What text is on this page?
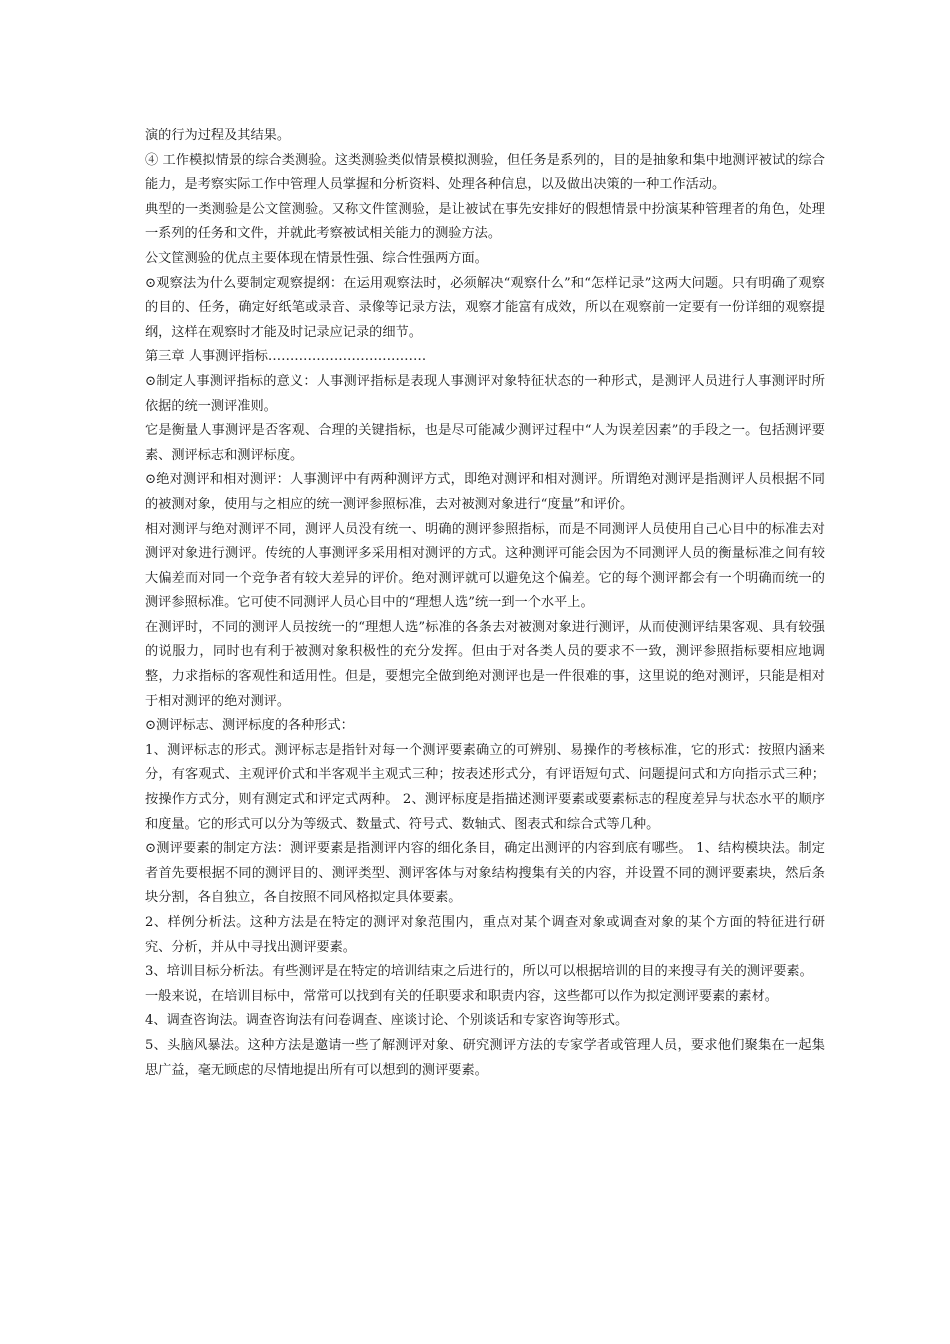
演的行为过程及其结果。

④ 工作模拟情景的综合类测验。这类测验类似情景模拟测验，但任务是系列的，目的是抽象和集中地测评被试的综合能力，是考察实际工作中管理人员掌握和分析资料、处理各种信息，以及做出决策的一种工作活动。

典型的一类测验是公文筐测验。又称文件筐测验，是让被试在事先安排好的假想情景中扮演某种管理者的角色，处理一系列的任务和文件，并就此考察被试相关能力的测验方法。

公文筐测验的优点主要体现在情景性强、综合性强两方面。

⊙观察法为什么要制定观察提纲：在运用观察法时，必须解决“观察什么”和“怎样记录”这两大问题。只有明确了观察的目的、任务，确定好纸笔或录音、录像等记录方法，观察才能富有成效，所以在观察前一定要有一份详细的观察提纲，这样在观察时才能及时记录应记录的细节。

第三章 人事测评指标………………………………

⊙制定人事测评指标的意义：人事测评指标是表现人事测评对象特征状态的一种形式，是测评人员进行人事测评时所依据的统一测评准则。

它是衡量人事测评是否客观、合理的关键指标，也是尽可能减少测评过程中“人为误差因素”的手段之一。包括测评要素、测评标志和测评标度。

⊙绝对测评和相对测评：人事测评中有两种测评方式，即绝对测评和相对测评。所谓绝对测评是指测评人员根据不同的被测对象，使用与之相应的统一测评参照标准，去对被测对象进行“度量”和评价。

相对测评与绝对测评不同，测评人员没有统一、明确的测评参照指标，而是不同测评人员使用自己心目中的标准去对测评对象进行测评。传统的人事测评多采用相对测评的方式。这种测评可能会因为不同测评人员的衡量标准之间有较大偏差而对同一个竞争者有较大差异的评价。绝对测评就可以避免这个偏差。它的每个测评都会有一个明确而统一的测评参照标准。它可使不同测评人员心目中的“理想人选”统一到一个水平上。

在测评时，不同的测评人员按统一的“理想人选”标准的各条去对被测对象进行测评，从而使测评结果客观、具有较强的说服力，同时也有利于被测对象积极性的充分发挥。但由于对各类人员的要求不一致，测评参照指标要相应地调整，力求指标的客观性和适用性。但是，要想完全做到绝对测评也是一件很难的事，这里说的绝对测评，只能是相对于相对测评的绝对测评。

⊙测评标志、测评标度的各种形式：

1、测评标志的形式。测评标志是指针对每一个测评要素确立的可辨别、易操作的考核标准，它的形式：按照内涵来分，有客观式、主观评价式和半客观半主观式三种；按表述形式分，有评语短句式、问题提问式和方向指示式三种；按操作方式分，则有测定式和评定式两种。 2、测评标度是指描述测评要素或要素标志的程度差异与状态水平的顺序和度量。它的形式可以分为等级式、数量式、符号式、数轴式、图表式和综合式等几种。

⊙测评要素的制定方法：测评要素是指测评内容的细化条目，确定出测评的内容到底有哪些。 1、结构模块法。制定者首先要根据不同的测评目的、测评类型、测评客体与对象结构搜集有关的内容，并设置不同的测评要素块，然后条块分割，各自独立，各自按照不同风格拟定具体要素。

2、样例分析法。这种方法是在特定的测评对象范围内，重点对某个调查对象或调查对象的某个方面的特征进行研究、分析，并从中寻找出测评要素。

3、培训目标分析法。有些测评是在特定的培训结束之后进行的，所以可以根据培训的目的来搜寻有关的测评要素。

一般来说，在培训目标中，常常可以找到有关的任职要求和职责内容，这些都可以作为拟定测评要素的素材。

4、调查咨询法。调查咨询法有问卷调查、座谈讨论、个别谈话和专家咨询等形式。

5、头脑风暴法。这种方法是邀请一些了解测评对象、研究测评方法的专家学者或管理人员，要求他们聚集在一起集思广益，毫无顾虑的尽情地提出所有可以想到的测评要素。
